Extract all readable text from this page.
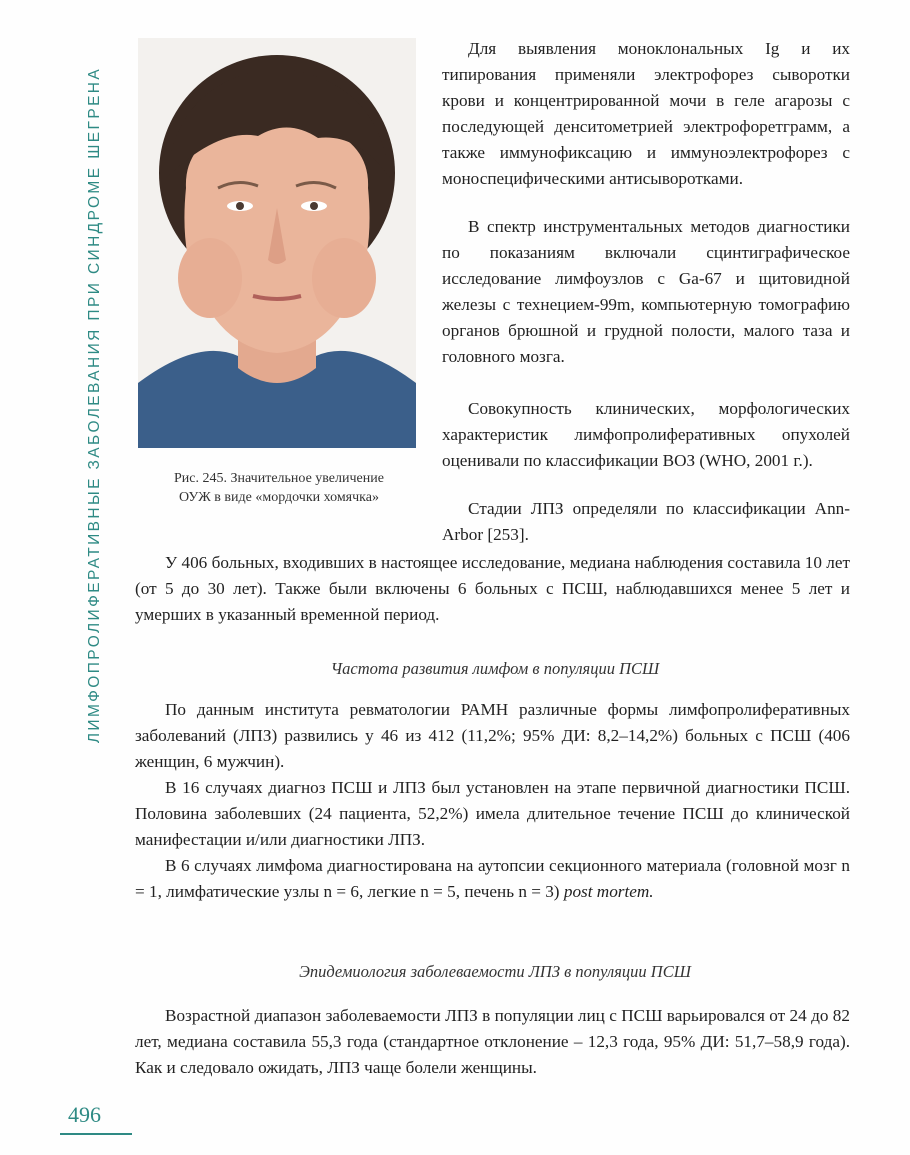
ЛИМФОПРОЛИФЕРАТИВНЫЕ ЗАБОЛЕВАНИЯ ПРИ СИНДРОМЕ ШЕГРЕНА	Рис. 245. Значительное увеличение
ОУЖ в виде «мордочки хомячка»

Для выявления моноклональных Ig и их типирования применяли электрофорез сыворотки крови и концентрированной мочи в геле агарозы с последующей денситометрией электрофоретграмм, а также иммунофиксацию и иммуноэлектрофорез с моноспецифическими антисыворотками.

В спектр инструментальных методов диагностики по показаниям включали сцинтиграфическое исследование лимфоузлов с Ga-67 и щитовидной железы с технецием-99m, компьютерную томографию органов брюшной и грудной полости, малого таза и головного мозга.

Совокупность клинических, морфологических характеристик лимфопролиферативных опухолей оценивали по классификации ВОЗ (WHO, 2001 г.).

Стадии ЛПЗ определяли по классификации Ann-Arbor [253].

У 406 больных, входивших в настоящее исследование, медиана наблюдения составила 10 лет (от 5 до 30 лет). Также были включены 6 больных с ПСШ, наблюдавшихся менее 5 лет и умерших в указанный временной период.

Частота развития лимфом в популяции ПСШ

По данным института ревматологии РАМН различные формы лимфопролиферативных заболеваний (ЛПЗ) развились у 46 из 412 (11,2%; 95% ДИ: 8,2–14,2%) больных с ПСШ (406 женщин, 6 мужчин).

В 16 случаях диагноз ПСШ и ЛПЗ был установлен на этапе первичной диагностики ПСШ. Половина заболевших (24 пациента, 52,2%) имела длительное течение ПСШ до клинической манифестации и/или диагностики ЛПЗ.

В 6 случаях лимфома диагностирована на аутопсии секционного материала (головной мозг n = 1, лимфатические узлы n = 6, легкие n = 5, печень n = 3) post mortem.

Эпидемиология заболеваемости ЛПЗ в популяции ПСШ

Возрастной диапазон заболеваемости ЛПЗ в популяции лиц с ПСШ варьировался от 24 до 82 лет, медиана составила 55,3 года (стандартное отклонение – 12,3 года, 95% ДИ: 51,7–58,9 года). Как и следовало ожидать, ЛПЗ чаще болели женщины.

496
